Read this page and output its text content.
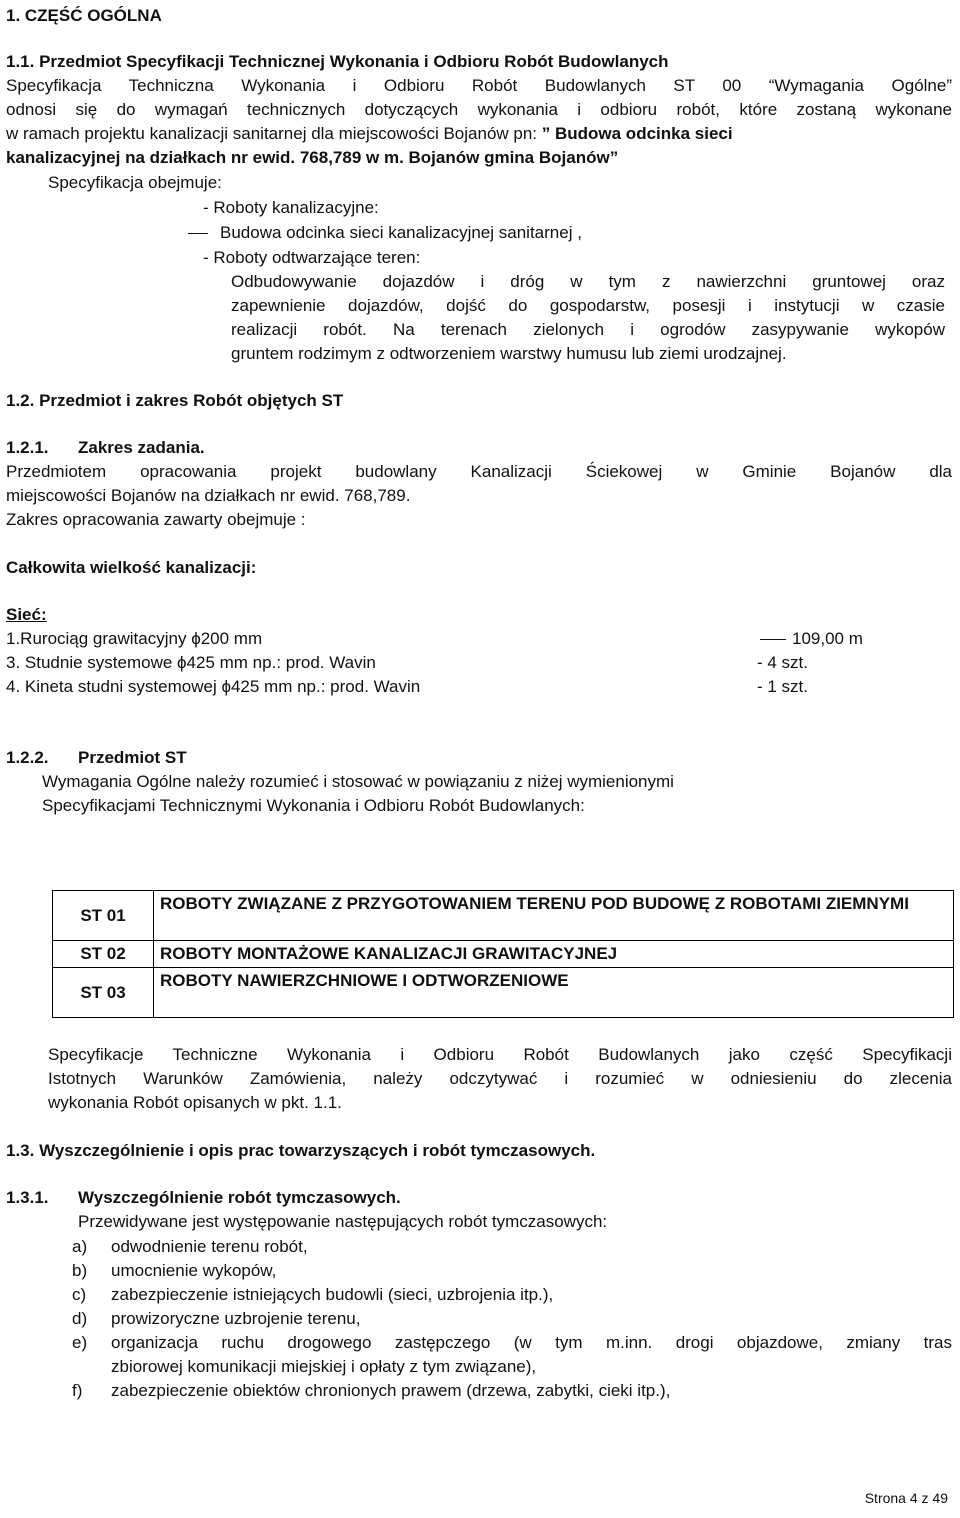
1. CZĘŚĆ OGÓLNA
1.1. Przedmiot Specyfikacji Technicznej Wykonania i Odbioru Robót Budowlanych
Specyfikacja Techniczna Wykonania i Odbioru Robót Budowlanych ST 00 “Wymagania Ogólne”
odnosi się do wymagań technicznych dotyczących wykonania i odbioru robót, które zostaną wykonane
w ramach projektu kanalizacji sanitarnej dla miejscowości Bojanów pn: ” Budowa odcinka sieci
kanalizacyjnej na działkach nr ewid. 768,789 w m. Bojanów gmina Bojanów”
Specyfikacja obejmuje:
- Roboty kanalizacyjne:
Budowa odcinka sieci kanalizacyjnej sanitarnej ,
- Roboty odtwarzające teren:
Odbudowywanie dojazdów i dróg w tym z nawierzchni gruntowej oraz
zapewnienie dojazdów, dojść do gospodarstw, posesji i instytucji w czasie
realizacji robót. Na terenach zielonych i ogrodów zasypywanie wykopów
gruntem rodzimym z odtworzeniem warstwy humusu lub ziemi urodzajnej.
1.2. Przedmiot i zakres Robót objętych ST
1.2.1. Zakres zadania.
Przedmiotem opracowania projekt budowlany Kanalizacji Ściekowej w Gminie Bojanów dla
miejscowości Bojanów na działkach nr ewid. 768,789.
Zakres opracowania zawarty obejmuje :
Całkowita wielkość kanalizacji:
Sieć:
1.Rurociąg grawitacyjny ϕ200 mm	109,00 m
3. Studnie systemowe ϕ425 mm np.: prod. Wavin	- 4 szt.
4. Kineta studni systemowej ϕ425 mm np.: prod. Wavin	- 1 szt.
1.2.2. Przedmiot ST
Wymagania Ogólne należy rozumieć i stosować w powiązaniu z niżej wymienionymi
Specyfikacjami Technicznymi Wykonania i Odbioru Robót Budowlanych:
ST 01	ROBOTY ZWIĄZANE Z PRZYGOTOWANIEM TERENU POD BUDOWĘ Z ROBOTAMI ZIEMNYMI
ST 02	ROBOTY MONTAŻOWE KANALIZACJI GRAWITACYJNEJ
ST 03	ROBOTY NAWIERZCHNIOWE I ODTWORZENIOWE
Specyfikacje Techniczne Wykonania i Odbioru Robót Budowlanych jako część Specyfikacji
Istotnych Warunków Zamówienia, należy odczytywać i rozumieć w odniesieniu do zlecenia
wykonania Robót opisanych w pkt. 1.1.
1.3. Wyszczególnienie i opis prac towarzyszących i robót tymczasowych.
1.3.1. Wyszczególnienie robót tymczasowych.
Przewidywane jest występowanie następujących robót tymczasowych:
a) odwodnienie terenu robót,
b) umocnienie wykopów,
c) zabezpieczenie istniejących budowli (sieci, uzbrojenia itp.),
d) prowizoryczne uzbrojenie terenu,
e) organizacja ruchu drogowego zastępczego (w tym m.inn. drogi objazdowe, zmiany tras
zbiorowej komunikacji miejskiej i opłaty z tym związane),
f) zabezpieczenie obiektów chronionych prawem (drzewa, zabytki, cieki itp.),
Strona 4 z 49
